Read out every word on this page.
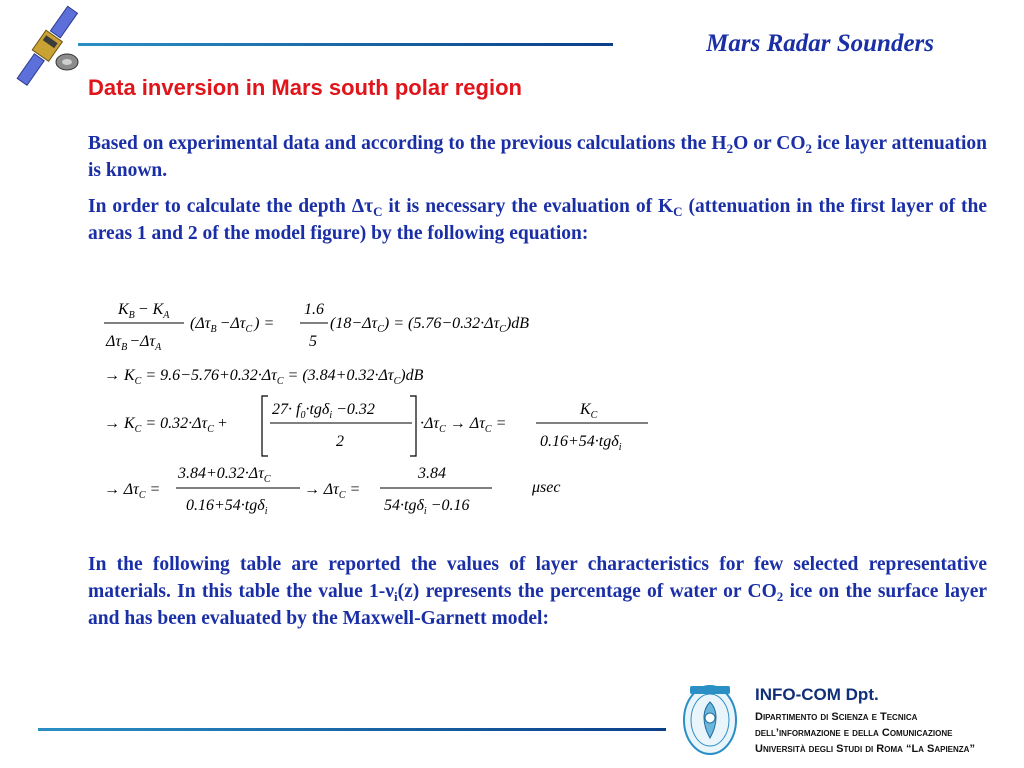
Mars Radar Sounders
Data inversion in Mars south polar region
Based on experimental data and according to the previous calculations the $H_2O$ or $CO_2$ ice layer attenuation is known.
In order to calculate the depth $\Delta\tau_C$ it is necessary the evaluation of $K_C$ (attenuation in the first layer of the areas 1 and 2 of the model figure) by the following equation:
$K_B - K_A$
$\Delta\tau_B -\Delta\tau_A$
($\Delta\tau_B -\Delta\tau_C$ ) =
1.6
5
$(18-\Delta\tau_C) = (5.76-0.32\cdot\Delta\tau_C)dB$
→ $K_C = 9.6-5.76+0.32\cdot\Delta\tau_C = (3.84+0.32\cdot\Delta\tau_C)dB$
→ $K_C = 0.32\cdot\Delta\tau_C$ +
$27\cdot f_0\cdot tg\delta_i -0.32$
2
$\cdot\Delta\tau_C \to \Delta\tau_C$ =
$K_C$
0.16+54·tgδ$_i$
→ $\Delta\tau_C$ =
$3.84+0.32\cdot\Delta\tau_C$
0.16+54·tgδ$_i$
→ $\Delta\tau_C$ =
3.84
54·tgδ$_i$ −0.16
μsec
In the following table are reported the values of layer characteristics for few selected representative materials. In this table the value $1-\nu_i(z)$ represents the percentage of water or $CO_2$ ice on the surface layer and has been evaluated by the Maxwell-Garnett model:
INFO-COM Dpt.
Dipartimento di Scienza e Tecnica
dell’informazione e della Comunicazione
Università degli Studi di Roma “La Sapienza”
